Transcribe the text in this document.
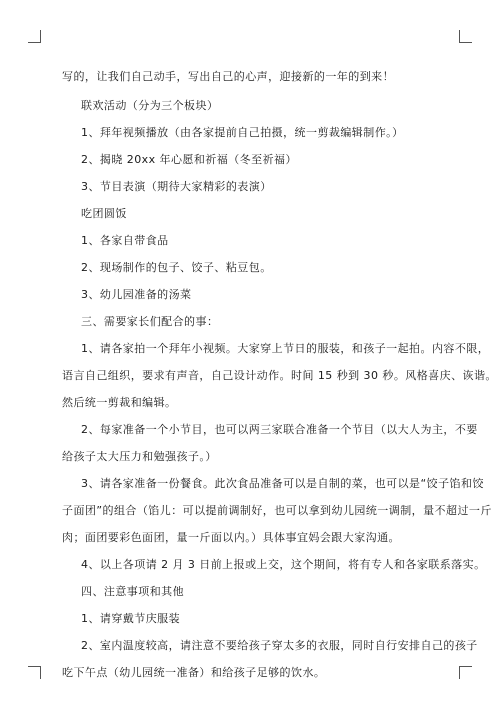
写的，让我们自己动手，写出自己的心声，迎接新的一年的到来！
联欢活动（分为三个板块）
1、拜年视频播放（由各家提前自己拍摄，统一剪裁编辑制作。）
2、揭晓 20xx 年心愿和祈福（冬至祈福）
3、节目表演（期待大家精彩的表演）
吃团圆饭
1、各家自带食品
2、现场制作的包子、饺子、粘豆包。
3、幼儿园准备的汤菜
三、需要家长们配合的事：
1、请各家拍一个拜年小视频。大家穿上节日的服装，和孩子一起拍。内容不限，
语言自己组织，要求有声音，自己设计动作。时间 15 秒到 30 秒。风格喜庆、诙谐。
然后统一剪裁和编辑。
2、每家准备一个小节目，也可以两三家联合准备一个节目（以大人为主，不要
给孩子太大压力和勉强孩子。）
3、请各家准备一份餐食。此次食品准备可以是自制的菜，也可以是“饺子馅和饺
子面团”的组合（馅儿：可以提前调制好，也可以拿到幼儿园统一调制，量不超过一斤
肉；面团要彩色面团，量一斤面以内。）具体事宜妈会跟大家沟通。
4、以上各项请 2 月 3 日前上报或上交，这个期间，将有专人和各家联系落实。
四、注意事项和其他
1、请穿戴节庆服装
2、室内温度较高，请注意不要给孩子穿太多的衣服，同时自行安排自己的孩子
吃下午点（幼儿园统一准备）和给孩子足够的饮水。
